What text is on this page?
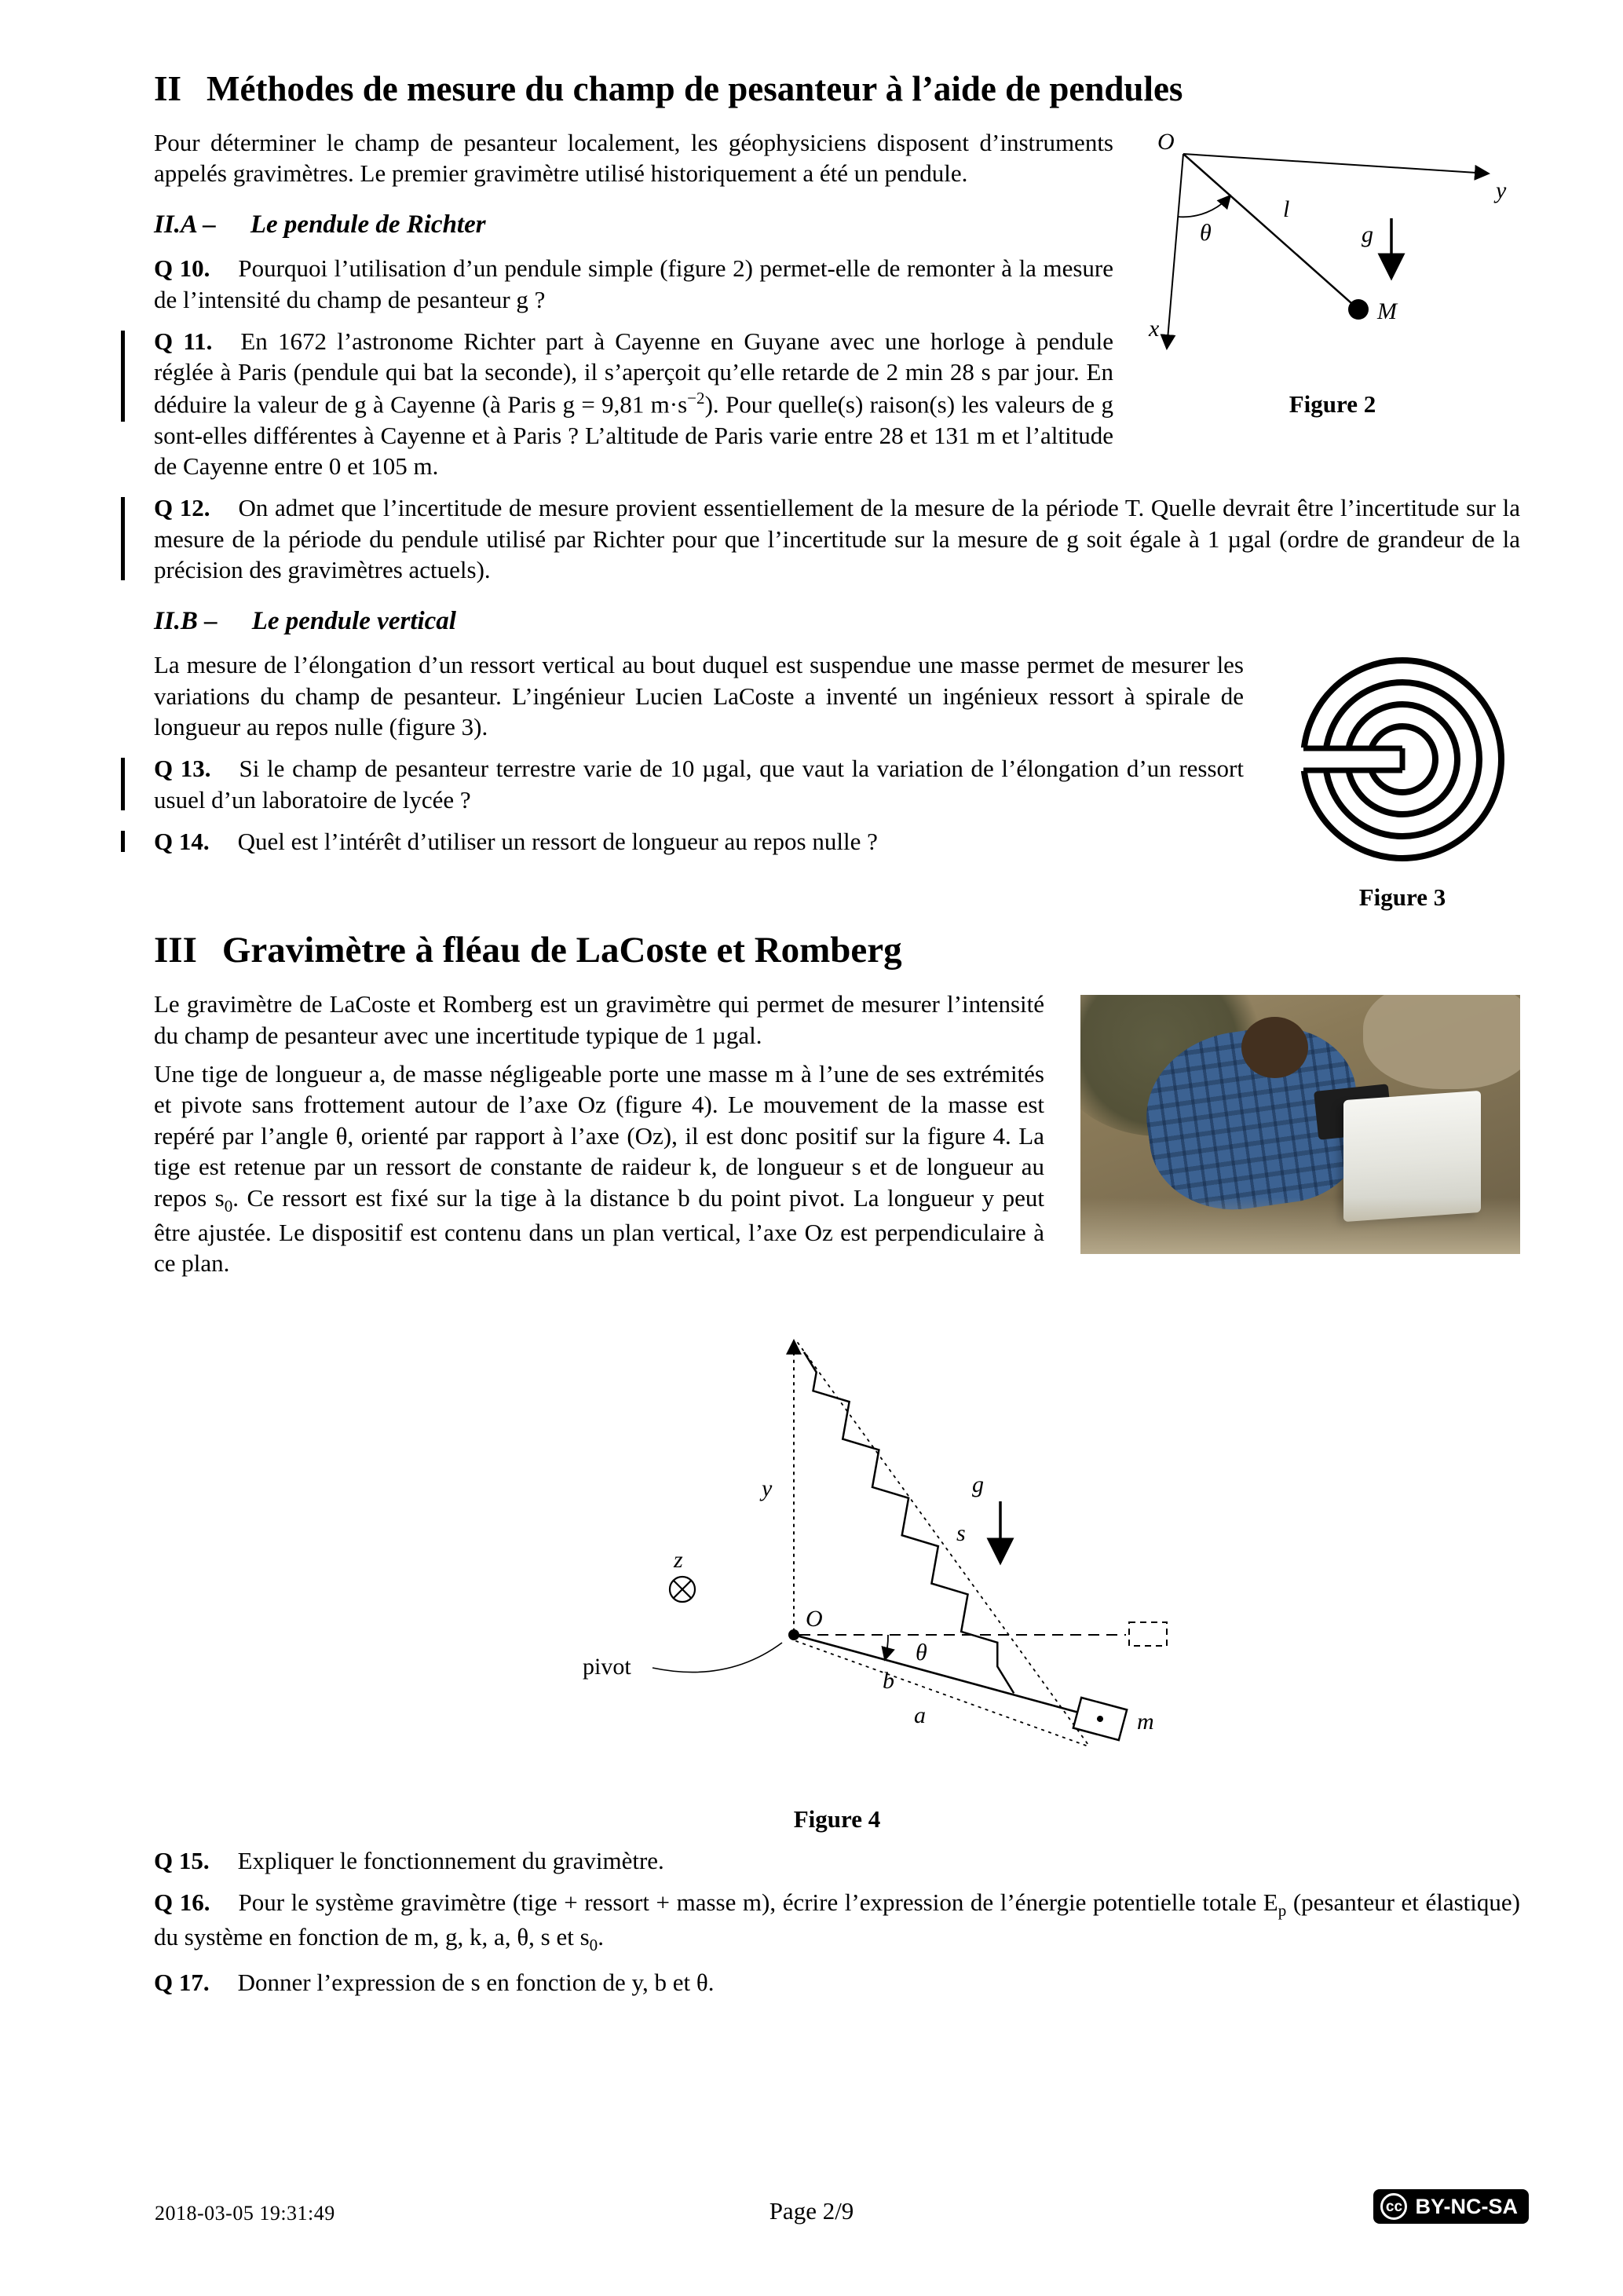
II Méthodes de mesure du champ de pesanteur à l’aide de pendules
O
y
x
θ
l
g⃗
M
Figure 2

Pour déterminer le champ de pesanteur localement, les géophysiciens disposent d’instruments appelés gravimètres. Le premier gravimètre utilisé historiquement a été un pendule.

II.A – Le pendule de Richter

Q 10. Pourquoi l’utilisation d’un pendule simple (figure 2) permet-elle de remonter à la mesure de l’intensité du champ de pesanteur g ?

Q 11. En 1672 l’astronome Richter part à Cayenne en Guyane avec une horloge à pendule réglée à Paris (pendule qui bat la seconde), il s’aperçoit qu’elle retarde de 2 min 28 s par jour. En déduire la valeur de g à Cayenne (à Paris g = 9,81 $m\cdot s^{-2}$). Pour quelle(s) raison(s) les valeurs de g sont-elles différentes à Cayenne et à Paris ? L’altitude de Paris varie entre 28 et 131 m et l’altitude de Cayenne entre 0 et 105 m.

Q 12. On admet que l’incertitude de mesure provient essentiellement de la mesure de la période T. Quelle devrait être l’incertitude sur la mesure de la période du pendule utilisé par Richter pour que l’incertitude sur la mesure de g soit égale à 1 µgal (ordre de grandeur de la précision des gravimètres actuels).

II.B – Le pendule vertical
Figure 3

La mesure de l’élongation d’un ressort vertical au bout duquel est suspendue une masse permet de mesurer les variations du champ de pesanteur. L’ingénieur Lucien LaCoste a inventé un ingénieux ressort à spirale de longueur au repos nulle (figure 3).

Q 13. Si le champ de pesanteur terrestre varie de 10 µgal, que vaut la variation de l’élongation d’un ressort usuel d’un laboratoire de lycée ?

Q 14. Quel est l’intérêt d’utiliser un ressort de longueur au repos nulle ?

III Gravimètre à fléau de LaCoste et Romberg

Le gravimètre de LaCoste et Romberg est un gravimètre qui permet de mesurer l’intensité du champ de pesanteur avec une incertitude typique de 1 µgal.

Une tige de longueur a, de masse négligeable porte une masse m à l’une de ses extrémités et pivote sans frottement autour de l’axe Oz (figure 4). Le mouvement de la masse est repéré par l’angle θ, orienté par rapport à l’axe (Oz), il est donc positif sur la figure 4. La tige est retenue par un ressort de constante de raideur k, de longueur s et de longueur au repos $s_0$. Ce ressort est fixé sur la tige à la distance b du point pivot. La longueur y peut être ajustée. Le dispositif est contenu dans un plan vertical, l’axe Oz est perpendiculaire à ce plan.

y
s
g⃗
z⃗
O
pivot
θ
b
a	m
Figure 4

Q 15. Expliquer le fonctionnement du gravimètre.

Q 16. Pour le système gravimètre (tige + ressort + masse m), écrire l’expression de l’énergie potentielle totale $E_p$ (pesanteur et élastique) du système en fonction de m, g, k, a, θ, s et $s_0$.

Q 17. Donner l’expression de s en fonction de y, b et θ.

2018-03-05 19:31:49	Page 2/9	cc BY-NC-SA
